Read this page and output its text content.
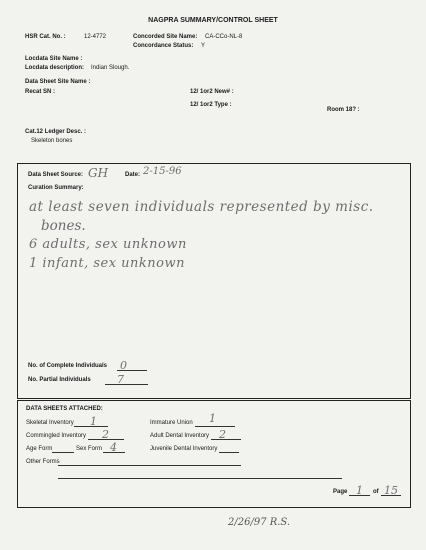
NAGPRA SUMMARY/CONTROL SHEET
HSR Cat. No. :	12-4772	Concorded Site Name: CA-CCo-NL-8
Concordance Status: Y
Locdata Site Name :
Locdata description: Indian Slough.
Data Sheet Site Name :
Recat SN :	12/ 1or2 New# :
12/ 1or2 Type :
Room 18? :
Cat.12 Ledger Desc. :
Skeleton bones
Data Sheet Source: GH	Date: 2-15-96
Curation Summary:
at least seven individuals represented by misc.
bones.
6 adults, sex unknown
1 infant, sex unknown
No. of Complete Individuals 0
No. Partial Individuals 7
DATA SHEETS ATTACHED:
Skeletal Inventory 1	Immature Union 1
Commingled Inventory 2	Adult Dental Inventory 2
Age Form	Sex Form 4	Juvenile Dental Inventory
Other Forms
Page 1 of 15
2/26/97 R.S.
